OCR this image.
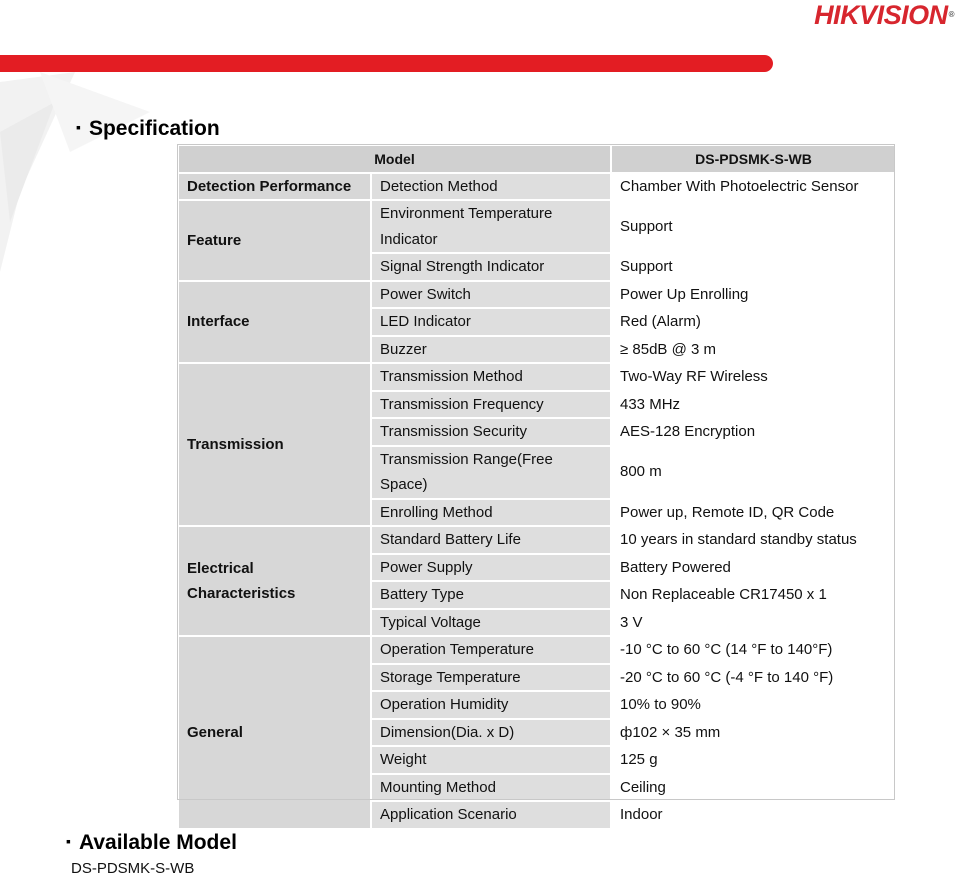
HIKVISION®
▪ Specification
Model		DS-PDSMK-S-WB
Detection Performance	Detection Method	Chamber With Photoelectric Sensor
Feature	Environment Temperature Indicator	Support
	Signal Strength Indicator	Support
Interface	Power Switch	Power Up Enrolling
	LED Indicator	Red (Alarm)
	Buzzer	≥ 85dB @ 3 m
Transmission	Transmission Method	Two-Way RF Wireless
	Transmission Frequency	433 MHz
	Transmission Security	AES-128 Encryption
	Transmission Range(Free Space)	800 m
	Enrolling Method	Power up, Remote ID, QR Code
Electrical Characteristics	Standard Battery Life	10 years in standard standby status
	Power Supply	Battery Powered
	Battery Type	Non Replaceable CR17450 x 1
	Typical Voltage	3 V
General	Operation Temperature	-10 °C to 60 °C (14 °F to 140°F)
	Storage Temperature	-20 °C to 60 °C (-4 °F to 140 °F)
	Operation Humidity	10% to 90%
	Dimension(Dia. x D)	ф102 × 35 mm
	Weight	125 g
	Mounting Method	Ceiling
	Application Scenario	Indoor
▪ Available Model
DS-PDSMK-S-WB
